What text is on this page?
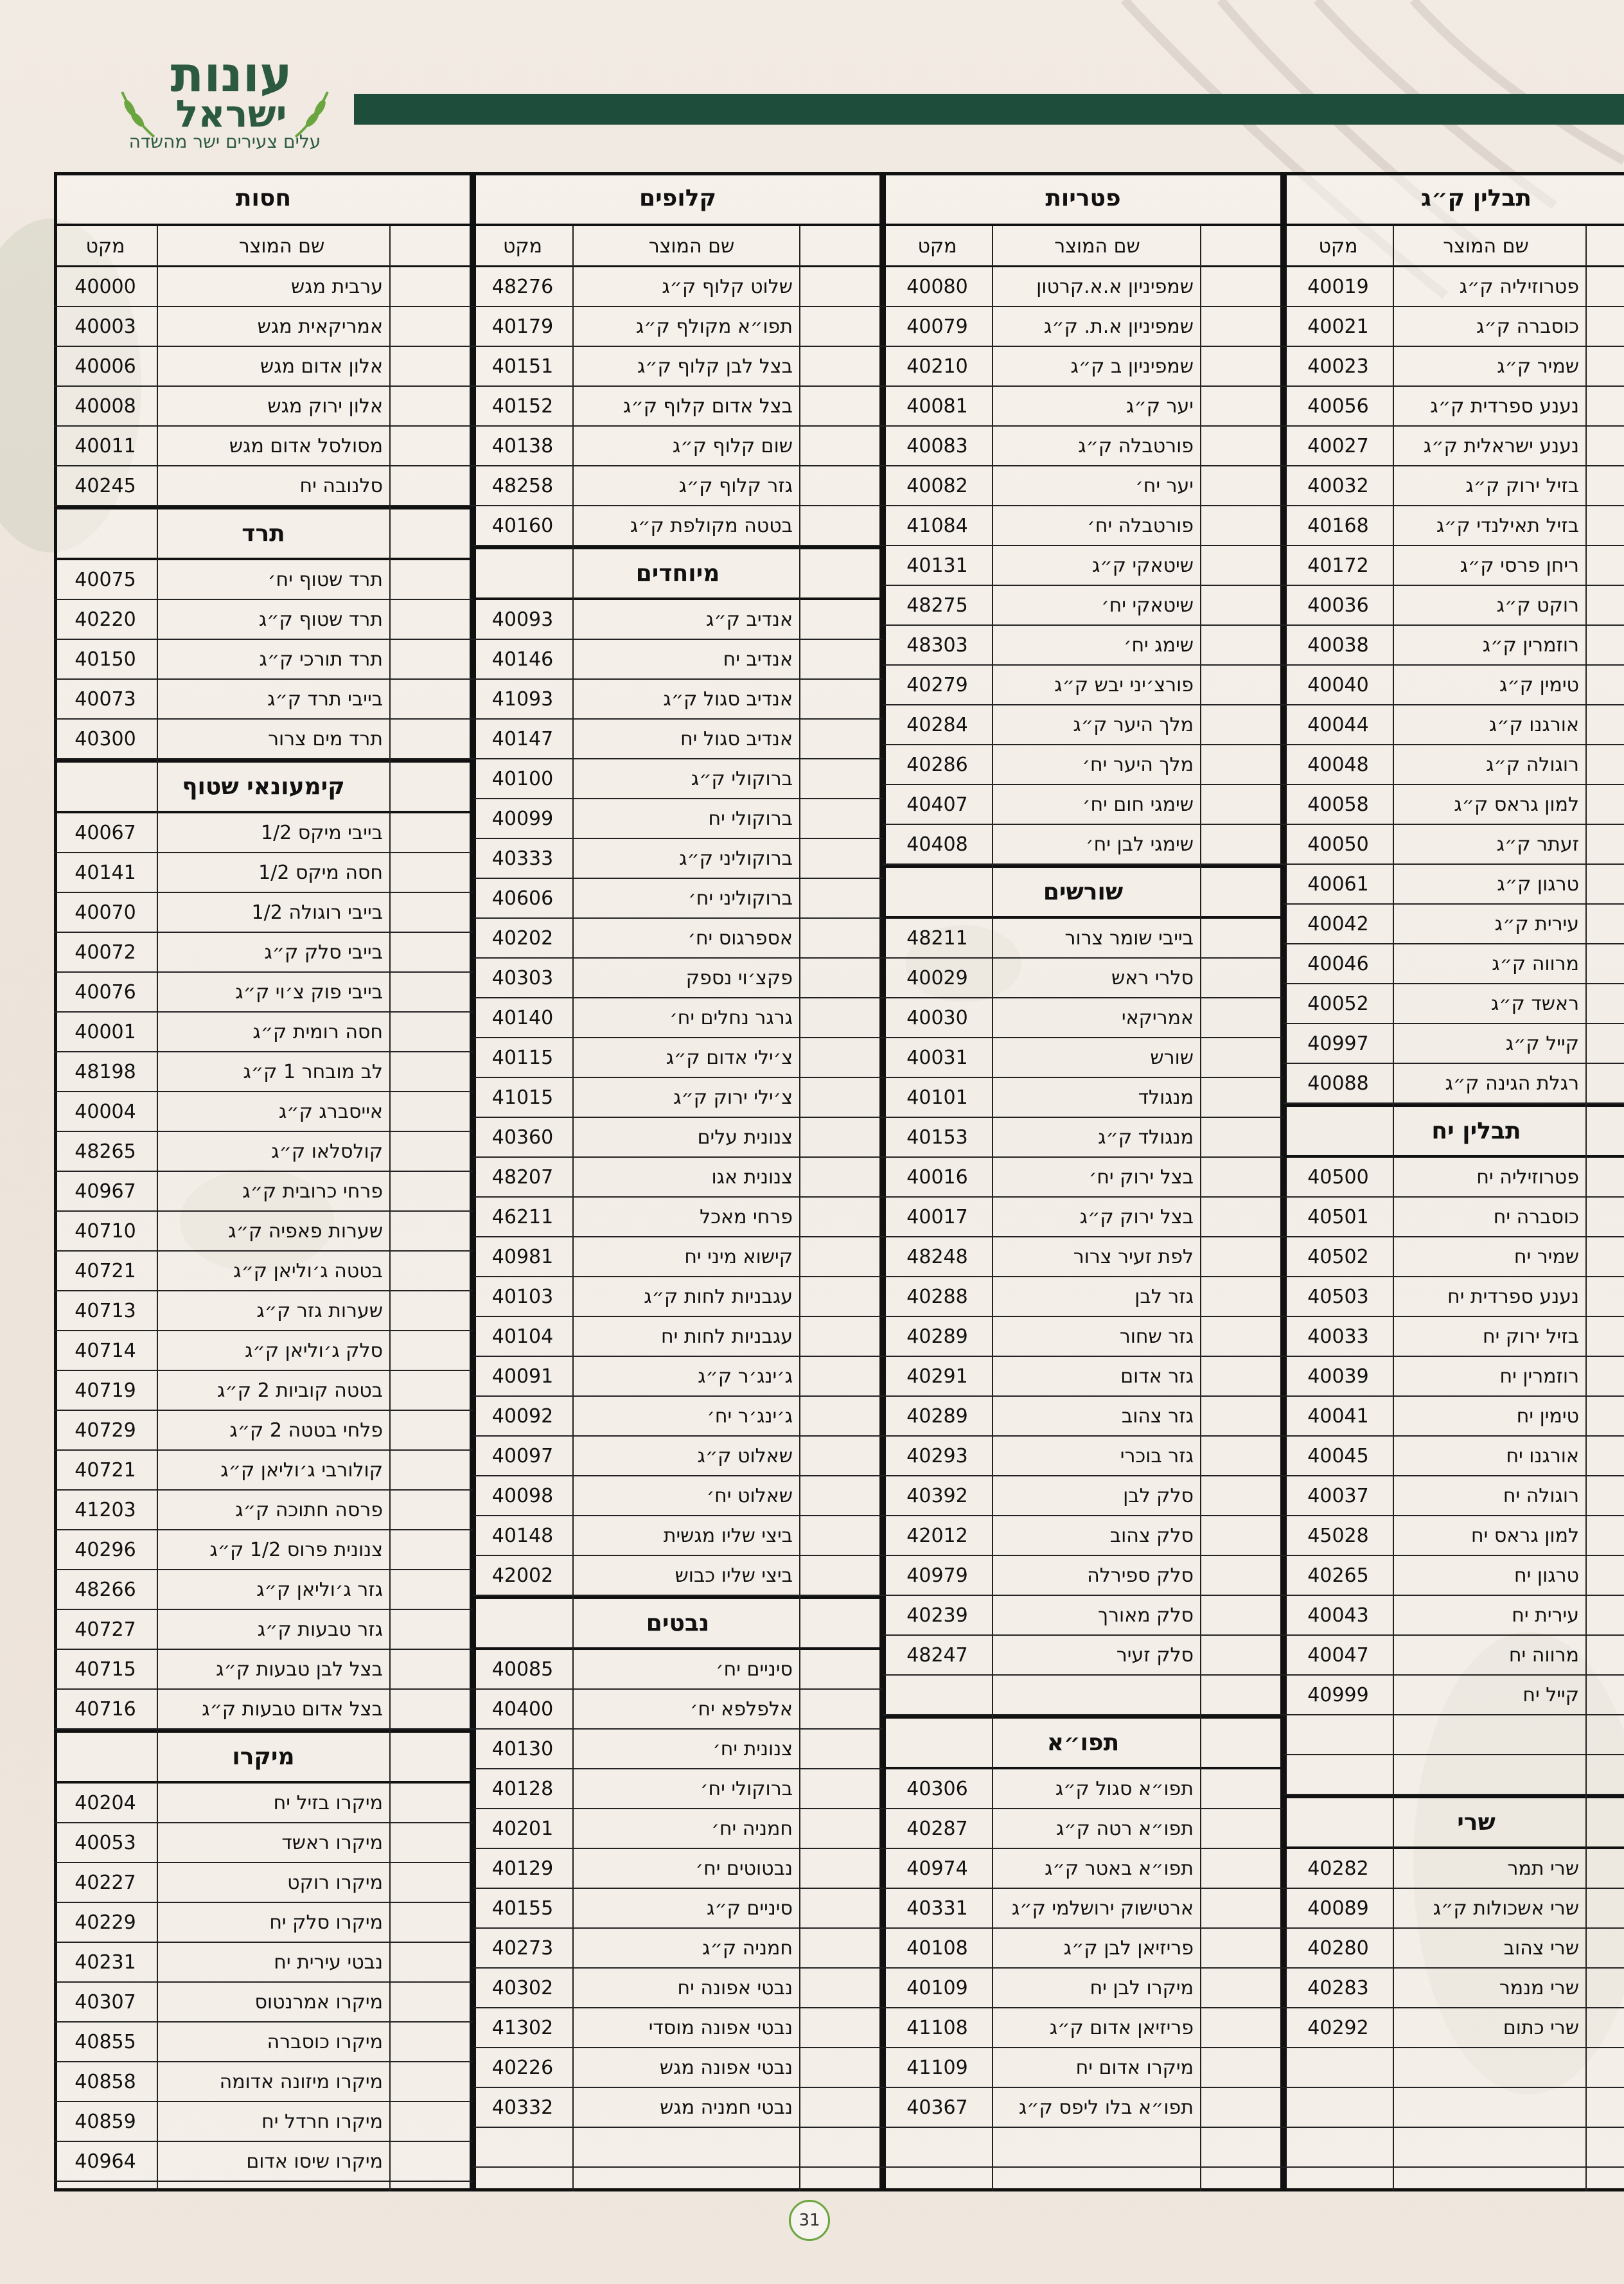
עונות
ישראל
עלים צעירים ישר מהשדה
תבלין ק״ג
שם המוצר
מקט
פטרוזיליה ק״ג
40019
כוסברה ק״ג
40021
שמיר ק״ג
40023
נענע ספרדית ק״ג
40056
נענע ישראלית ק״ג
40027
בזיל ירוק ק״ג
40032
בזיל תאילנדי ק״ג
40168
ריחן פרסי ק״ג
40172
רוקט ק״ג
40036
רוזמרין ק״ג
40038
טימין ק״ג
40040
אורגנו ק״ג
40044
רוגולה ק״ג
40048
למון גראס ק״ג
40058
זעתר ק״ג
40050
טרגון ק״ג
40061
עירית ק״ג
40042
מרווה ק״ג
40046
ראשד ק״ג
40052
קייל ק״ג
40997
רגלת הגינה ק״ג
40088
תבלין יח
פטרוזיליה יח
40500
כוסברה יח
40501
שמיר יח
40502
נענע ספרדית יח
40503
בזיל ירוק יח
40033
רוזמרין יח
40039
טימין יח
40041
אורגנו יח
40045
רוגולה יח
40037
למון גראס יח
45028
טרגון יח
40265
עירית יח
40043
מרווה יח
40047
קייל יח
40999
שרי
שרי תמר
40282
שרי אשכולות ק״ג
40089
שרי צהוב
40280
שרי מנמר
40283
שרי כתום
40292
פטריות
שם המוצר
מקט
שמפיניון א.א.קרטון
40080
שמפיניון א.ת. ק״ג
40079
שמפיניון ב ק״ג
40210
יער ק״ג
40081
פורטבלה ק״ג
40083
יער יח׳
40082
פורטבלה יח׳
41084
שיטאקי ק״ג
40131
שיטאקי יח׳
48275
שימג יח׳
48303
פורצ׳יני יבש ק״ג
40279
מלך היער ק״ג
40284
מלך היער יח׳
40286
שימגי חום יח׳
40407
שימגי לבן יח׳
40408
שורשים
בייבי שומר צרור
48211
סלרי ראש
40029
אמריקאי
40030
שורש
40031
מנגולד
40101
מנגולד ק״ג
40153
בצל ירוק יח׳
40016
בצל ירוק ק״ג
40017
לפת זעיר צרור
48248
גזר לבן
40288
גזר שחור
40289
גזר אדום
40291
גזר צהוב
40289
גזר בוכרי
40293
סלק לבן
40392
סלק צהוב
42012
סלק ספירלה
40979
סלק מאורך
40239
סלק זעיר
48247
תפו״א
תפו״א סגול ק״ג
40306
תפו״א רטה ק״ג
40287
תפו״א באטר ק״ג
40974
ארטישוק ירושלמי ק״ג
40331
פריזיאן לבן ק״ג
40108
מיקרו לבן יח
40109
פריזיאן אדום ק״ג
41108
מיקרו אדום יח
41109
תפו״א בלו ליפס ק״ג
40367
קלופים
שם המוצר
מקט
שלוט קלוף ק״ג
48276
תפו״א מקולף ק״ג
40179
בצל לבן קלוף ק״ג
40151
בצל אדום קלוף ק״ג
40152
שום קלוף ק״ג
40138
גזר קלוף ק״ג
48258
בטטה מקולפת ק״ג
40160
מיוחדים
אנדיב ק״ג
40093
אנדיב יח
40146
אנדיב סגול ק״ג
41093
אנדיב סגול יח
40147
ברוקולי ק״ג
40100
ברוקולי יח
40099
ברוקוליני ק״ג
40333
ברוקוליני יח׳
40606
אספרגוס יח׳
40202
פקצ׳וי נספק
40303
גרגר נחלים יח׳
40140
צ׳ילי אדום ק״ג
40115
צ׳ילי ירוק ק״ג
41015
צנונית עלים
40360
צנונית אגו
48207
פרחי מאכל
46211
קישוא מיני יח
40981
עגבניות לחות ק״ג
40103
עגבניות לחות יח
40104
ג׳ינג׳ר ק״ג
40091
ג׳ינג׳ר יח׳
40092
שאלוט ק״ג
40097
שאלוט יח׳
40098
ביצי שליו מגשית
40148
ביצי שליו כבוש
42002
נבטים
סיניים יח׳
40085
אלפלפא יח׳
40400
צנונית יח׳
40130
ברוקולי יח׳
40128
חמניה יח׳
40201
נבטוטים יח׳
40129
סיניים ק״ג
40155
חמניה ק״ג
40273
נבטי אפונה יח
40302
נבטי אפונה מוסדי
41302
נבטי אפונה מגש
40226
נבטי חמניה מגש
40332
חסות
שם המוצר
מקט
ערבית מגש
40000
אמריקאית מגש
40003
אלון אדום מגש
40006
אלון ירוק מגש
40008
מסולסל אדום מגש
40011
סלנובה יח
40245
תרד
תרד שטוף יח׳
40075
תרד שטוף ק״ג
40220
תרד תורכי ק״ג
40150
בייבי תרד ק״ג
40073
תרד מים צרור
40300
קימעונאי שטוף
בייבי מיקס 1/2
40067
חסה מיקס 1/2
40141
בייבי רוגולה 1/2
40070
בייבי סלק ק״ג
40072
בייבי פוק צ׳וי ק״ג
40076
חסה רומית ק״ג
40001
לב מובחר 1 ק״ג
48198
אייסברג ק״ג
40004
קולסלאו ק״ג
48265
פרחי כרובית ק״ג
40967
שערות פאפיה ק״ג
40710
בטטה ג׳וליאן ק״ג
40721
שערות גזר ק״ג
40713
סלק ג׳וליאן ק״ג
40714
בטטה קוביות 2 ק״ג
40719
פלחי בטטה 2 ק״ג
40729
קולורבי ג׳וליאן ק״ג
40721
פרסה חתוכה ק״ג
41203
צנונית פרוס 1/2 ק״ג
40296
גזר ג׳וליאן ק״ג
48266
גזר טבעות ק״ג
40727
בצל לבן טבעות ק״ג
40715
בצל אדום טבעות ק״ג
40716
מיקרו
מיקרו בזיל יח
40204
מיקרו ראשד
40053
מיקרו רוקט
40227
מיקרו סלק יח
40229
נבטי עירית יח
40231
מיקרו אמרנטוס
40307
מיקרו כוסברה
40855
מיקרו מיזונה אדומה
40858
מיקרו חרדל יח
40859
מיקרו שיסו אדום
40964
31
